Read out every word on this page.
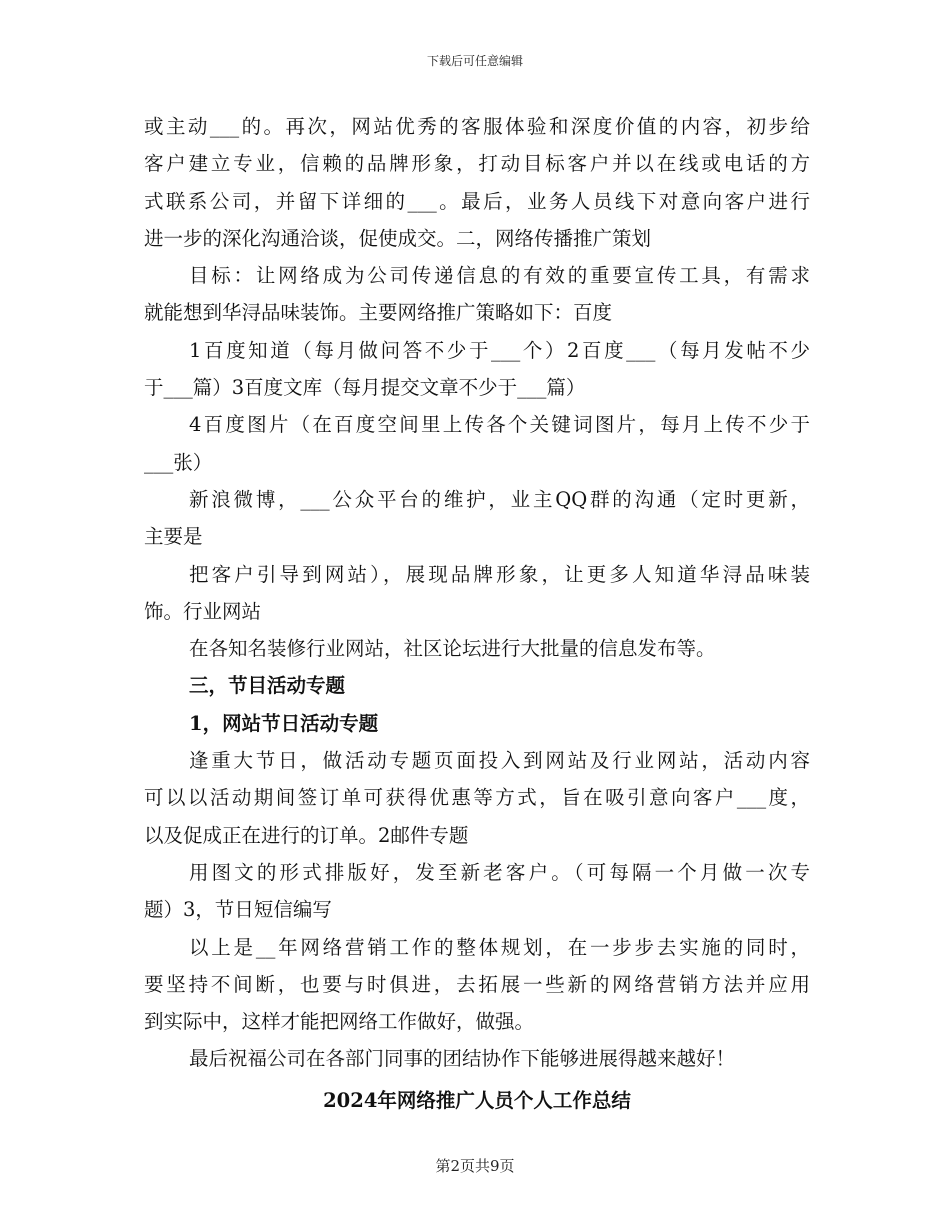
下载后可任意编辑
或主动___的。再次，网站优秀的客服体验和深度价值的内容，初步给
客户建立专业，信赖的品牌形象，打动目标客户并以在线或电话的方
式联系公司，并留下详细的___。最后，业务人员线下对意向客户进行
进一步的深化沟通洽谈，促使成交。二，网络传播推广策划
目标：让网络成为公司传递信息的有效的重要宣传工具，有需求
就能想到华浔品味装饰。主要网络推广策略如下：百度
1百度知道（每月做问答不少于___个）2百度___（每月发帖不少
于___篇）3百度文库（每月提交文章不少于___篇）
4百度图片（在百度空间里上传各个关键词图片，每月上传不少于
___张）
新浪微博，___公众平台的维护，业主QQ群的沟通（定时更新，
主要是
把客户引导到网站），展现品牌形象，让更多人知道华浔品味装
饰。行业网站
在各知名装修行业网站，社区论坛进行大批量的信息发布等。
三，节目活动专题
1，网站节日活动专题
逢重大节日，做活动专题页面投入到网站及行业网站，活动内容
可以以活动期间签订单可获得优惠等方式，旨在吸引意向客户___度，
以及促成正在进行的订单。2邮件专题
用图文的形式排版好，发至新老客户。（可每隔一个月做一次专
题）3，节日短信编写
以上是__年网络营销工作的整体规划，在一步步去实施的同时，
要坚持不间断，也要与时俱进，去拓展一些新的网络营销方法并应用
到实际中，这样才能把网络工作做好，做强。
最后祝福公司在各部门同事的团结协作下能够进展得越来越好！
2024年网络推广人员个人工作总结
第2页共9页
